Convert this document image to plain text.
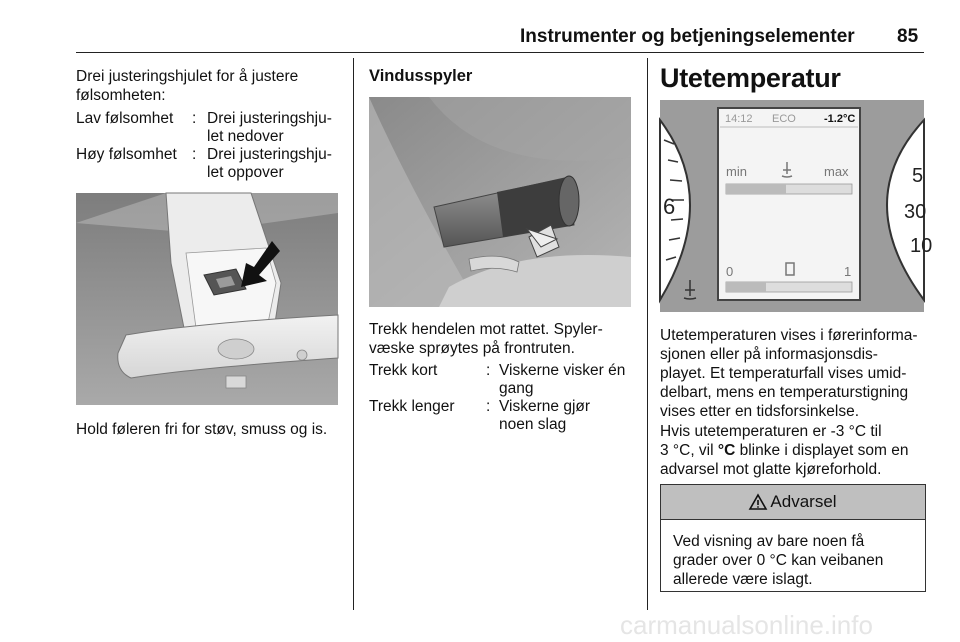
Instrumenter og betjeningselementer 85
Drei justeringshjulet for å justere
følsomheten:
Lav følsomhet : Drei justeringshju-
let nedover
Høy følsomhet : Drei justeringshju-
let oppover
Hold føleren fri for støv, smuss og is.
Vindusspyler
Trekk hendelen mot rattet. Spyler-
væske sprøytes på frontruten.
Trekk kort	: Viskerne visker én
gang
Trekk lenger : Viskerne gjør
noen slag
Utetemperatur
6
5
30
10
14:12 ECO	-1.2°C
min	max
0	1
Utetemperaturen vises i førerinforma-
sjonen eller på informasjonsdis-
playet. Et temperaturfall vises umid-
delbart, mens en temperaturstigning
vises etter en tidsforsinkelse.
Hvis utetemperaturen er -3 °C til
3 °C, vil °C blinke i displayet som en
advarsel mot glatte kjøreforhold.
Advarsel
Ved visning av bare noen få
grader over 0 °C kan veibanen
allerede være islagt.
carmanualsonline.info
